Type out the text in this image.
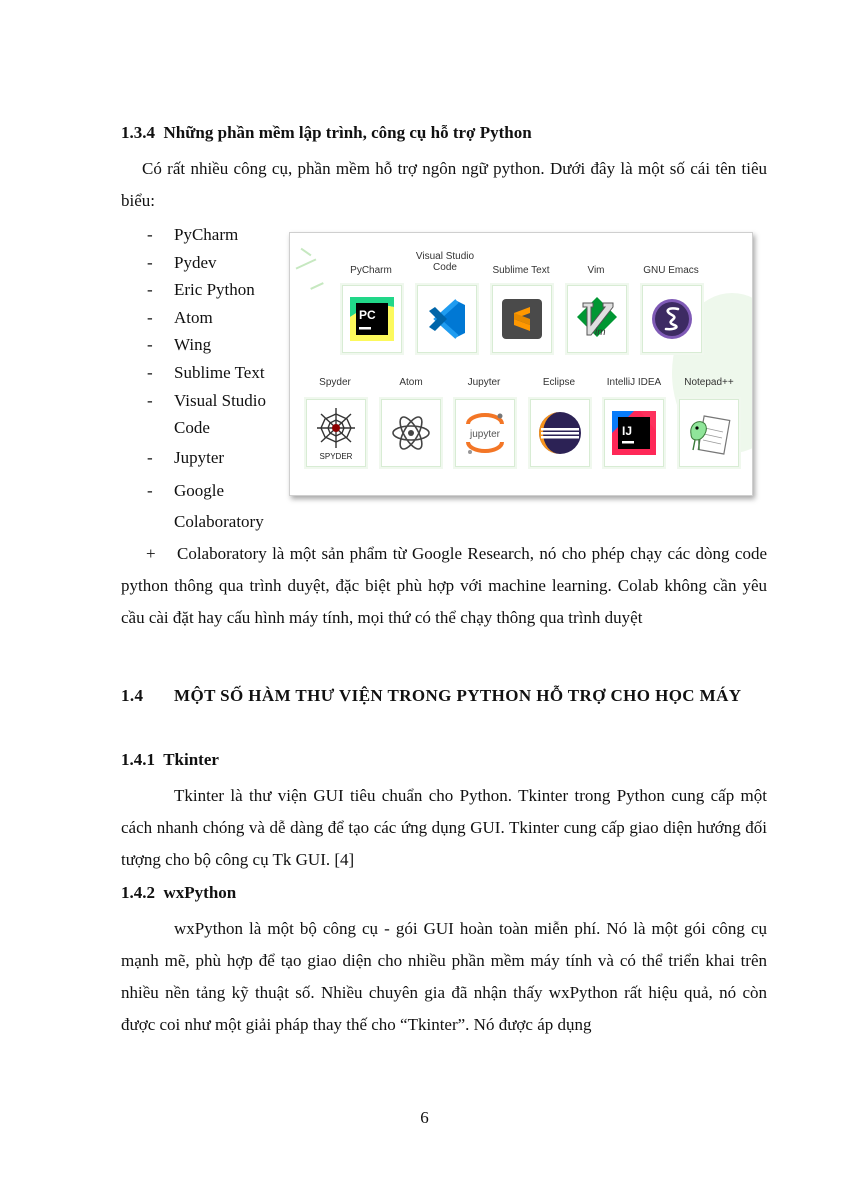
1.3.4 Những phần mềm lập trình, công cụ hỗ trợ Python
Có rất nhiều công cụ, phần mềm hỗ trợ ngôn ngữ python. Dưới đây là một số cái tên tiêu biểu:
- PyCharm
- Pydev
- Eric Python
- Atom
- Wing
- Sublime Text
- Visual Studio Code
- Jupyter
- Google Colaboratory
PyCharm
Visual Studio Code	Sublime Text	Vim	GNU Emacs
PC
im
Spyder	Atom	Jupyter	Eclipse	IntelliJ IDEA	Notepad++
SPYDER
jupyter	IJ
+ Colaboratory là một sản phẩm từ Google Research, nó cho phép chạy các dòng code python thông qua trình duyệt, đặc biệt phù hợp với machine learning. Colab không cần yêu cầu cài đặt hay cấu hình máy tính, mọi thứ có thể chạy thông qua trình duyệt
1.4 MỘT SỐ HÀM THƯ VIỆN TRONG PYTHON HỖ TRỢ CHO HỌC MÁY
1.4.1 Tkinter
Tkinter là thư viện GUI tiêu chuẩn cho Python. Tkinter trong Python cung cấp một cách nhanh chóng và dễ dàng để tạo các ứng dụng GUI. Tkinter cung cấp giao diện hướng đối tượng cho bộ công cụ Tk GUI. [4]
1.4.2 wxPython
wxPython là một bộ công cụ - gói GUI hoàn toàn miễn phí. Nó là một gói công cụ mạnh mẽ, phù hợp để tạo giao diện cho nhiều phần mềm máy tính và có thể triển khai trên nhiều nền tảng kỹ thuật số. Nhiều chuyên gia đã nhận thấy wxPython rất hiệu quả, nó còn được coi như một giải pháp thay thế cho “Tkinter”. Nó được áp dụng
6
